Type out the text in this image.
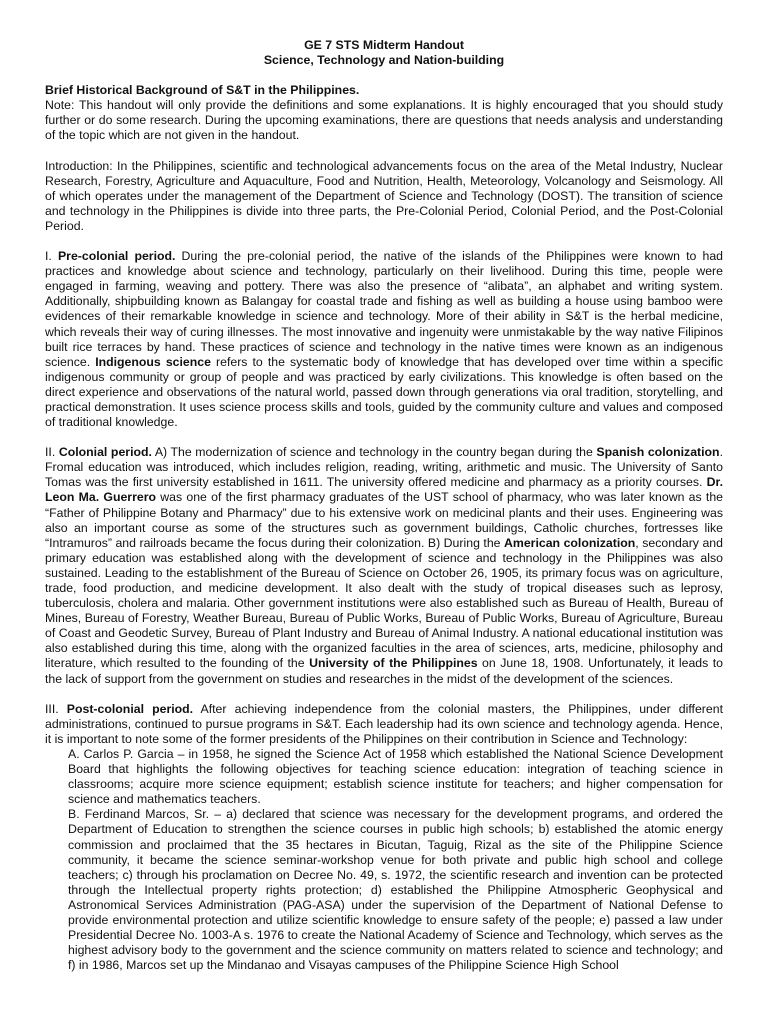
GE 7 STS Midterm Handout
Science, Technology and Nation-building
Brief Historical Background of S&T in the Philippines.

Note: This handout will only provide the definitions and some explanations. It is highly encouraged that you should study further or do some research. During the upcoming examinations, there are questions that needs analysis and understanding of the topic which are not given in the handout.

Introduction: In the Philippines, scientific and technological advancements focus on the area of the Metal Industry, Nuclear Research, Forestry, Agriculture and Aquaculture, Food and Nutrition, Health, Meteorology, Volcanology and Seismology. All of which operates under the management of the Department of Science and Technology (DOST). The transition of science and technology in the Philippines is divide into three parts, the Pre-Colonial Period, Colonial Period, and the Post-Colonial Period.

I. Pre-colonial period. During the pre-colonial period, the native of the islands of the Philippines were known to had practices and knowledge about science and technology, particularly on their livelihood. During this time, people were engaged in farming, weaving and pottery. There was also the presence of “alibata”, an alphabet and writing system. Additionally, shipbuilding known as Balangay for coastal trade and fishing as well as building a house using bamboo were evidences of their remarkable knowledge in science and technology. More of their ability in S&T is the herbal medicine, which reveals their way of curing illnesses. The most innovative and ingenuity were unmistakable by the way native Filipinos built rice terraces by hand. These practices of science and technology in the native times were known as an indigenous science. Indigenous science refers to the systematic body of knowledge that has developed over time within a specific indigenous community or group of people and was practiced by early civilizations. This knowledge is often based on the direct experience and observations of the natural world, passed down through generations via oral tradition, storytelling, and practical demonstration. It uses science process skills and tools, guided by the community culture and values and composed of traditional knowledge.

II. Colonial period. A) The modernization of science and technology in the country began during the Spanish colonization. Fromal education was introduced, which includes religion, reading, writing, arithmetic and music. The University of Santo Tomas was the first university established in 1611. The university offered medicine and pharmacy as a priority courses. Dr. Leon Ma. Guerrero was one of the first pharmacy graduates of the UST school of pharmacy, who was later known as the “Father of Philippine Botany and Pharmacy” due to his extensive work on medicinal plants and their uses. Engineering was also an important course as some of the structures such as government buildings, Catholic churches, fortresses like “Intramuros” and railroads became the focus during their colonization. B) During the American colonization, secondary and primary education was established along with the development of science and technology in the Philippines was also sustained. Leading to the establishment of the Bureau of Science on October 26, 1905, its primary focus was on agriculture, trade, food production, and medicine development. It also dealt with the study of tropical diseases such as leprosy, tuberculosis, cholera and malaria. Other government institutions were also established such as Bureau of Health, Bureau of Mines, Bureau of Forestry, Weather Bureau, Bureau of Public Works, Bureau of Public Works, Bureau of Agriculture, Bureau of Coast and Geodetic Survey, Bureau of Plant Industry and Bureau of Animal Industry. A national educational institution was also established during this time, along with the organized faculties in the area of sciences, arts, medicine, philosophy and literature, which resulted to the founding of the University of the Philippines on June 18, 1908. Unfortunately, it leads to the lack of support from the government on studies and researches in the midst of the development of the sciences.

III. Post-colonial period. After achieving independence from the colonial masters, the Philippines, under different administrations, continued to pursue programs in S&T. Each leadership had its own science and technology agenda. Hence, it is important to note some of the former presidents of the Philippines on their contribution in Science and Technology:

A. Carlos P. Garcia – in 1958, he signed the Science Act of 1958 which established the National Science Development Board that highlights the following objectives for teaching science education: integration of teaching science in classrooms; acquire more science equipment; establish science institute for teachers; and higher compensation for science and mathematics teachers.

B. Ferdinand Marcos, Sr. – a) declared that science was necessary for the development programs, and ordered the Department of Education to strengthen the science courses in public high schools; b) established the atomic energy commission and proclaimed that the 35 hectares in Bicutan, Taguig, Rizal as the site of the Philippine Science community, it became the science seminar-workshop venue for both private and public high school and college teachers; c) through his proclamation on Decree No. 49, s. 1972, the scientific research and invention can be protected through the Intellectual property rights protection; d) established the Philippine Atmospheric Geophysical and Astronomical Services Administration (PAG-ASA) under the supervision of the Department of National Defense to provide environmental protection and utilize scientific knowledge to ensure safety of the people; e) passed a law under Presidential Decree No. 1003-A s. 1976 to create the National Academy of Science and Technology, which serves as the highest advisory body to the government and the science community on matters related to science and technology; and f) in 1986, Marcos set up the Mindanao and Visayas campuses of the Philippine Science High School
